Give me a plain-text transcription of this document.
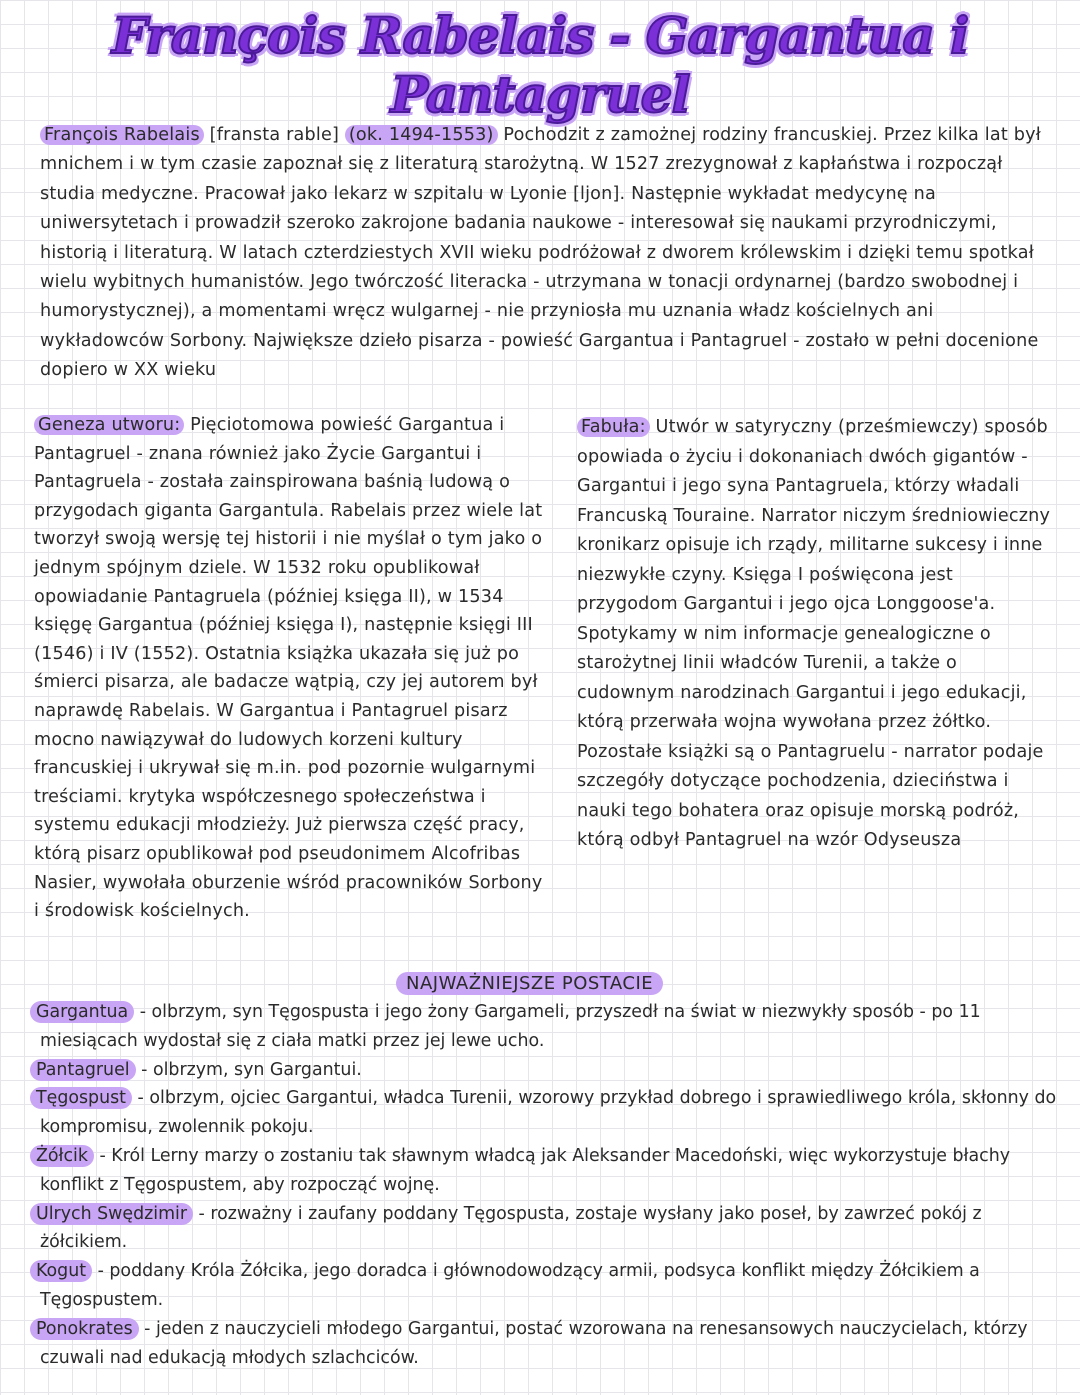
François Rabelais - Gargantua i Pantagruel

François Rabelais [fransta rable] (ok. 1494-1553) Pochodzit z zamożnej rodziny francuskiej. Przez kilka lat był mnichem i w tym czasie zapoznał się z literaturą starożytną. W 1527 zrezygnował z kapłaństwa i rozpoczął studia medyczne. Pracował jako lekarz w szpitalu w Lyonie [ljon]. Następnie wykładat medycynę na uniwersytetach i prowadził szeroko zakrojone badania naukowe - interesował się naukami przyrodniczymi, historią i literaturą. W latach czterdziestych XVII wieku podróżował z dworem królewskim i dzięki temu spotkał wielu wybitnych humanistów. Jego twórczość literacka - utrzymana w tonacji ordynarnej (bardzo swobodnej i humorystycznej), a momentami wręcz wulgarnej - nie przyniosła mu uznania władz kościelnych ani wykładowców Sorbony. Największe dzieło pisarza - powieść Gargantua i Pantagruel - zostało w pełni docenione dopiero w XX wieku

Geneza utworu: Pięciotomowa powieść Gargantua i Pantagruel - znana również jako Życie Gargantui i Pantagruela - została zainspirowana baśnią ludową o przygodach giganta Gargantula. Rabelais przez wiele lat tworzył swoją wersję tej historii i nie myślał o tym jako o jednym spójnym dziele. W 1532 roku opublikował opowiadanie Pantagruela (później księga II), w 1534 księgę Gargantua (później księga I), następnie księgi III (1546) i IV (1552). Ostatnia książka ukazała się już po śmierci pisarza, ale badacze wątpią, czy jej autorem był naprawdę Rabelais. W Gargantua i Pantagruel pisarz mocno nawiązywał do ludowych korzeni kultury francuskiej i ukrywał się m.in. pod pozornie wulgarnymi treściami. krytyka współczesnego społeczeństwa i systemu edukacji młodzieży. Już pierwsza część pracy, którą pisarz opublikował pod pseudonimem Alcofribas Nasier, wywołała oburzenie wśród pracowników Sorbony i środowisk kościelnych.

Fabuła: Utwór w satyryczny (prześmiewczy) sposób opowiada o życiu i dokonaniach dwóch gigantów - Gargantui i jego syna Pantagruela, którzy władali Francuską Touraine. Narrator niczym średniowieczny kronikarz opisuje ich rządy, militarne sukcesy i inne niezwykłe czyny. Księga I poświęcona jest przygodom Gargantui i jego ojca Longgoose'a. Spotykamy w nim informacje genealogiczne o starożytnej linii władców Turenii, a także o cudownym narodzinach Gargantui i jego edukacji, którą przerwała wojna wywołana przez żółtko. Pozostałe książki są o Pantagruelu - narrator podaje szczegóły dotyczące pochodzenia, dzieciństwa i nauki tego bohatera oraz opisuje morską podróż, którą odbył Pantagruel na wzór Odyseusza

NAJWAŻNIEJSZE POSTACIE
Gargantua - olbrzym, syn Tęgospusta i jego żony Gargameli, przyszedł na świat w niezwykły sposób - po 11 miesiącach wydostał się z ciała matki przez jej lewe ucho.
Pantagruel - olbrzym, syn Gargantui.
Tęgospust - olbrzym, ojciec Gargantui, władca Turenii, wzorowy przykład dobrego i sprawiedliwego króla, skłonny do kompromisu, zwolennik pokoju.
Żółcik - Król Lerny marzy o zostaniu tak sławnym władcą jak Aleksander Macedoński, więc wykorzystuje błachy konflikt z Tęgospustem, aby rozpocząć wojnę.
Ulrych Swędzimir - rozważny i zaufany poddany Tęgospusta, zostaje wysłany jako poseł, by zawrzeć pokój z żółcikiem.
Kogut - poddany Króla Żółcika, jego doradca i głównodowodzący armii, podsyca konflikt między Żółcikiem a Tęgospustem.
Ponokrates - jeden z nauczycieli młodego Gargantui, postać wzorowana na renesansowych nauczycielach, którzy czuwali nad edukacją młodych szlachciców.
